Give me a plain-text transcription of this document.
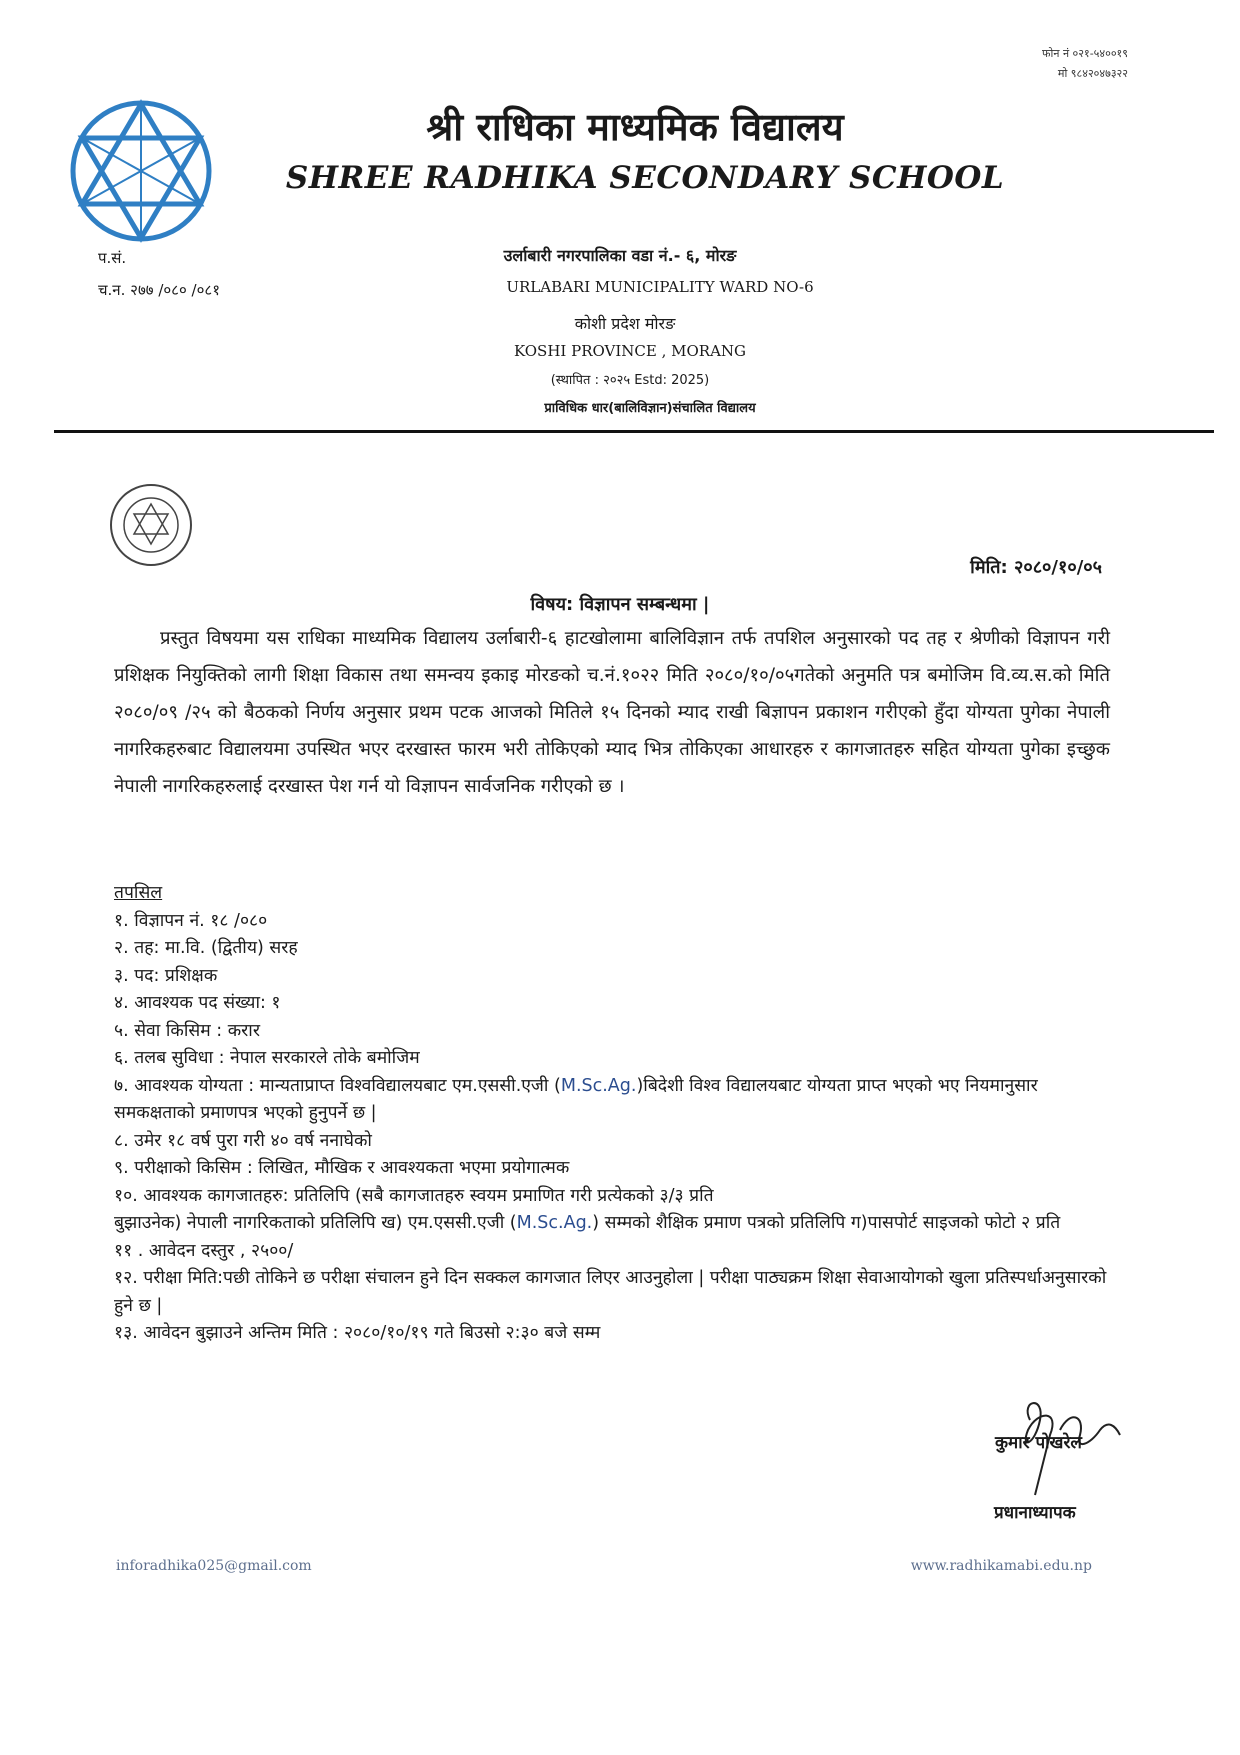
फोन नं ०२१-५४००१९
मो ९८४२०४७३२२
श्री राधिका माध्यमिक विद्यालय
SHREE RADHIKA SECONDARY SCHOOL
प.सं.
च.न. २७७ /०८० /०८१
उर्लाबारी नगरपालिका वडा नं.- ६, मोरङ
URLABARI MUNICIPALITY WARD NO-6
कोशी प्रदेश मोरङ
KOSHI PROVINCE , MORANG
(स्थापित : २०२५ Estd: 2025)
प्राविधिक धार(बालिविज्ञान)संचालित विद्यालय
मिति: २०८०/१०/०५
विषय: विज्ञापन सम्बन्धमा |
प्रस्तुत विषयमा यस राधिका माध्यमिक विद्यालय उर्लाबारी-६ हाटखोलामा बालिविज्ञान तर्फ तपशिल अनुसारको पद तह र श्रेणीको विज्ञापन गरी प्रशिक्षक नियुक्तिको लागी शिक्षा विकास तथा समन्वय इकाइ मोरङको च.नं.१०२२ मिति २०८०/१०/०५गतेको अनुमति पत्र बमोजिम वि.व्य.स.को मिति २०८०/०९ /२५ को बैठकको निर्णय अनुसार प्रथम पटक आजको मितिले १५ दिनको म्याद राखी बिज्ञापन प्रकाशन गरीएको हुँदा योग्यता पुगेका नेपाली नागरिकहरुबाट विद्यालयमा उपस्थित भएर दरखास्त फारम भरी तोकिएको म्याद भित्र तोकिएका आधारहरु र कागजातहरु सहित योग्यता पुगेका इच्छुक नेपाली नागरिकहरुलाई दरखास्त पेश गर्न यो विज्ञापन सार्वजनिक गरीएको छ ।
तपसिल
१. विज्ञापन नं. १८ /०८०
२. तह: मा.वि. (द्वितीय) सरह
३. पद: प्रशिक्षक
४. आवश्यक पद संख्या: १
५. सेवा किसिम : करार
६. तलब सुविधा : नेपाल सरकारले तोके बमोजिम
७. आवश्यक योग्यता : मान्यताप्राप्त विश्वविद्यालयबाट एम.एससी.एजी (M.Sc.Ag.)बिदेशी विश्व विद्यालयबाट योग्यता प्राप्त भएको भए नियमानुसार समकक्षताको प्रमाणपत्र भएको हुनुपर्ने छ |
८. उमेर १८ वर्ष पुरा गरी ४० वर्ष ननाघेको
९. परीक्षाको किसिम : लिखित, मौखिक र आवश्यकता भएमा प्रयोगात्मक
१०. आवश्यक कागजातहरु: प्रतिलिपि (सबै कागजातहरु स्वयम प्रमाणित गरी प्रत्येकको ३/३ प्रति
बुझाउनेक) नेपाली नागरिकताको प्रतिलिपि ख) एम.एससी.एजी (M.Sc.Ag.) सम्मको शैक्षिक प्रमाण पत्रको प्रतिलिपि ग)पासपोर्ट साइजको फोटो २ प्रति
११ . आवेदन दस्तुर , २५००/
१२. परीक्षा मिति:पछी तोकिने छ परीक्षा संचालन हुने दिन सक्कल कागजात लिएर आउनुहोला | परीक्षा पाठ्यक्रम शिक्षा सेवाआयोगको खुला प्रतिस्पर्धाअनुसारको हुने छ |
१३. आवेदन बुझाउने अन्तिम मिति : २०८०/१०/१९ गते बिउसो २:३० बजे सम्म
कुमार पोखरेल
प्रधानाध्यापक
inforadhika025@gmail.com	www.radhikamabi.edu.np
